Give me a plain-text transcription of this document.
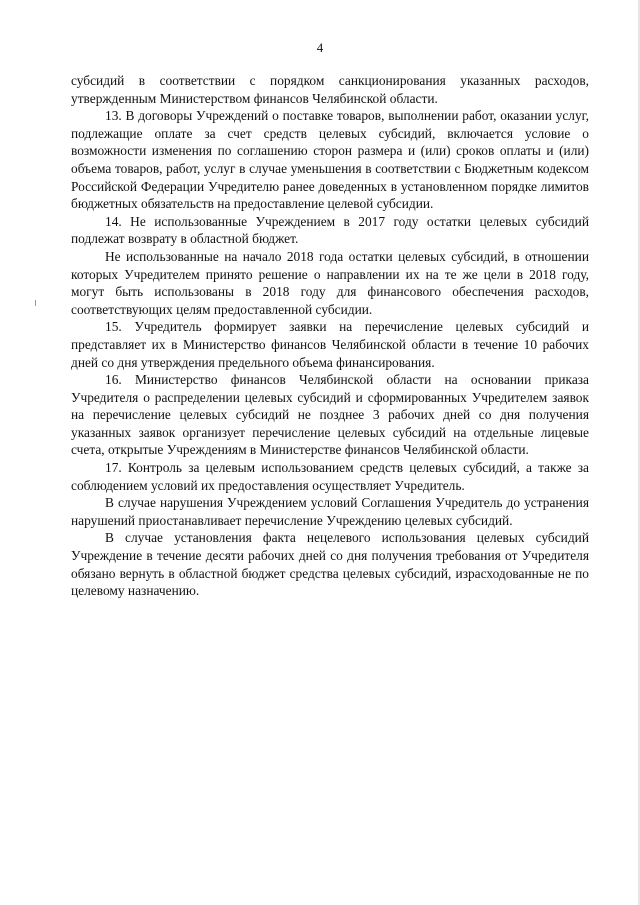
4

субсидий в соответствии с порядком санкционирования указанных расходов, утвержденным Министерством финансов Челябинской области.

13. В договоры Учреждений о поставке товаров, выполнении работ, оказании услуг, подлежащие оплате за счет средств целевых субсидий, включается условие о возможности изменения по соглашению сторон размера и (или) сроков оплаты и (или) объема товаров, работ, услуг в случае уменьшения в соответствии с Бюджетным кодексом Российской Федерации Учредителю ранее доведенных в установленном порядке лимитов бюджетных обязательств на предоставление целевой субсидии.

14. Не использованные Учреждением в 2017 году остатки целевых субсидий подлежат возврату в областной бюджет.

Не использованные на начало 2018 года остатки целевых субсидий, в отношении которых Учредителем принято решение о направлении их на те же цели в 2018 году, могут быть использованы в 2018 году для финансового обеспечения расходов, соответствующих целям предоставленной субсидии.

15. Учредитель формирует заявки на перечисление целевых субсидий и представляет их в Министерство финансов Челябинской области в течение 10 рабочих дней со дня утверждения предельного объема финансирования.

16. Министерство финансов Челябинской области на основании приказа Учредителя о распределении целевых субсидий и сформированных Учредителем заявок на перечисление целевых субсидий не позднее 3 рабочих дней со дня получения указанных заявок организует перечисление целевых субсидий на отдельные лицевые счета, открытые Учреждениям в Министерстве финансов Челябинской области.

17. Контроль за целевым использованием средств целевых субсидий, а также за соблюдением условий их предоставления осуществляет Учредитель.

В случае нарушения Учреждением условий Соглашения Учредитель до устранения нарушений приостанавливает перечисление Учреждению целевых субсидий.

В случае установления факта нецелевого использования целевых субсидий Учреждение в течение десяти рабочих дней со дня получения требования от Учредителя обязано вернуть в областной бюджет средства целевых субсидий, израсходованные не по целевому назначению.
